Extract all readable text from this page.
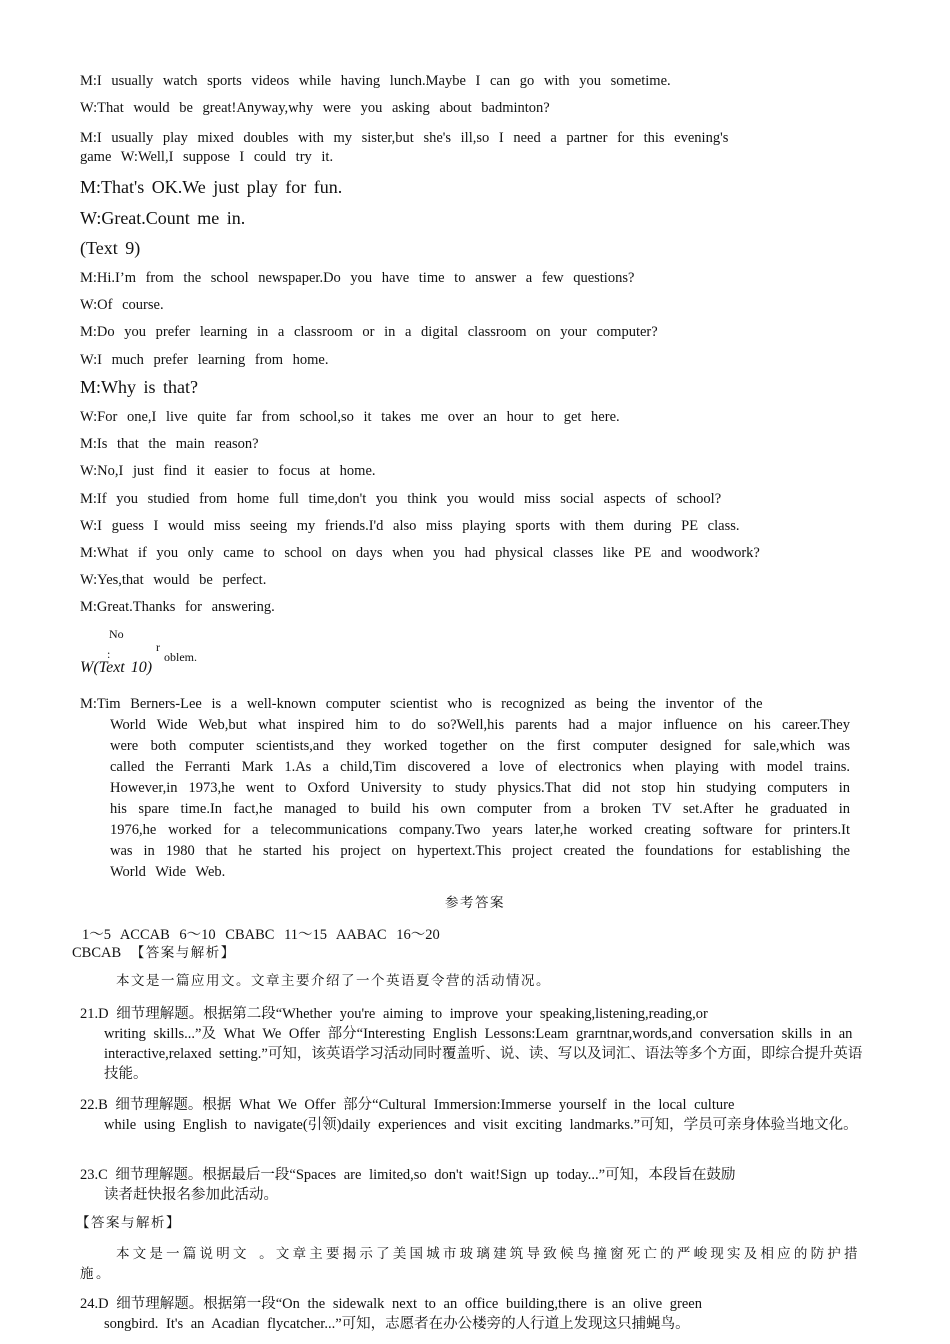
M:I usually watch sports videos while having lunch.Maybe I can go with you sometime.
W:That would be great!Anyway,why were you asking about badminton?
M:I usually play mixed doubles with my sister,but she's ill,so I need a partner for this evening's
game W:Well,I suppose I could try it.
M:That's OK.We just play for fun.
W:Great.Count me in.
(Text 9)
M:Hi.I’m from the school newspaper.Do you have time to answer a few questions?
W:Of course.
M:Do you prefer learning in a classroom or in a digital classroom on your computer?
W:I much prefer learning from home.
M:Why is that?
W:For one,I live quite far from school,so it takes me over an hour to get here.
M:Is that the main reason?
W:No,I just find it easier to focus at home.
M:If you studied from home full time,don't you think you would miss social aspects of school?
W:I guess I would miss seeing my friends.I'd also miss playing sports with them during PE class.
M:What if you only came to school on days when you had physical classes like PE and woodwork?
W:Yes,that would be perfect.
M:Great.Thanks for answering.
No
:	r
W(Text 10)
oblem.
M:Tim Berners-Lee is a well-known computer scientist who is recognized as being the inventor of the
World Wide Web,but what inspired him to do so?Well,his parents had a major influence on his career.They were both computer scientists,and they worked together on the first computer designed for sale,which was called the Ferranti Mark 1.As a child,Tim discovered a love of electronics when playing with model trains. However,in 1973,he went to Oxford University to study physics.That did not stop hin studying computers in his spare time.In fact,he managed to build his own computer from a broken TV set.After he graduated in 1976,he worked for a telecommunications company.Two years later,he worked creating software for printers.It was in 1980 that he started his project on hypertext.This project created the foundations for establishing the World Wide Web.
参考答案
1～5 ACCAB 6～10 CBABC 11～15 AABAC 16～20
CBCAB 【答案与解析】
本文是一篇应用文。文章主要介绍了一个英语夏令营的活动情况。
21.D 细节理解题。根据第二段“Whether you're aiming to improve your speaking,listening,reading,or
writing skills...”及 What We Offer 部分“Interesting English Lessons:Leam grarntnar,words,and conversation skills in an interactive,relaxed setting.”可知，该英语学习活动同时覆盖听、说、读、写以及词汇、语法等多个方面，即综合提升英语技能。
22.B 细节理解题。根据 What We Offer 部分“Cultural Immersion:Immerse yourself in the local culture
while using English to navigate(引领)daily experiences and visit exciting landmarks.”可知，学员可亲身体验当地文化。
23.C 细节理解题。根据最后一段“Spaces are limited,so don't wait!Sign up today...”可知，本段旨在鼓励
读者赶快报名参加此活动。
【答案与解析】
本文是一篇说明文 。文章主要揭示了美国城市玻璃建筑导致候鸟撞窗死亡的严峻现实及相应的防护措施。
24.D 细节理解题。根据第一段“On the sidewalk next to an office building,there is an olive green
songbird. It's an Acadian flycatcher...”可知，志愿者在办公楼旁的人行道上发现这只捕蝇鸟。
